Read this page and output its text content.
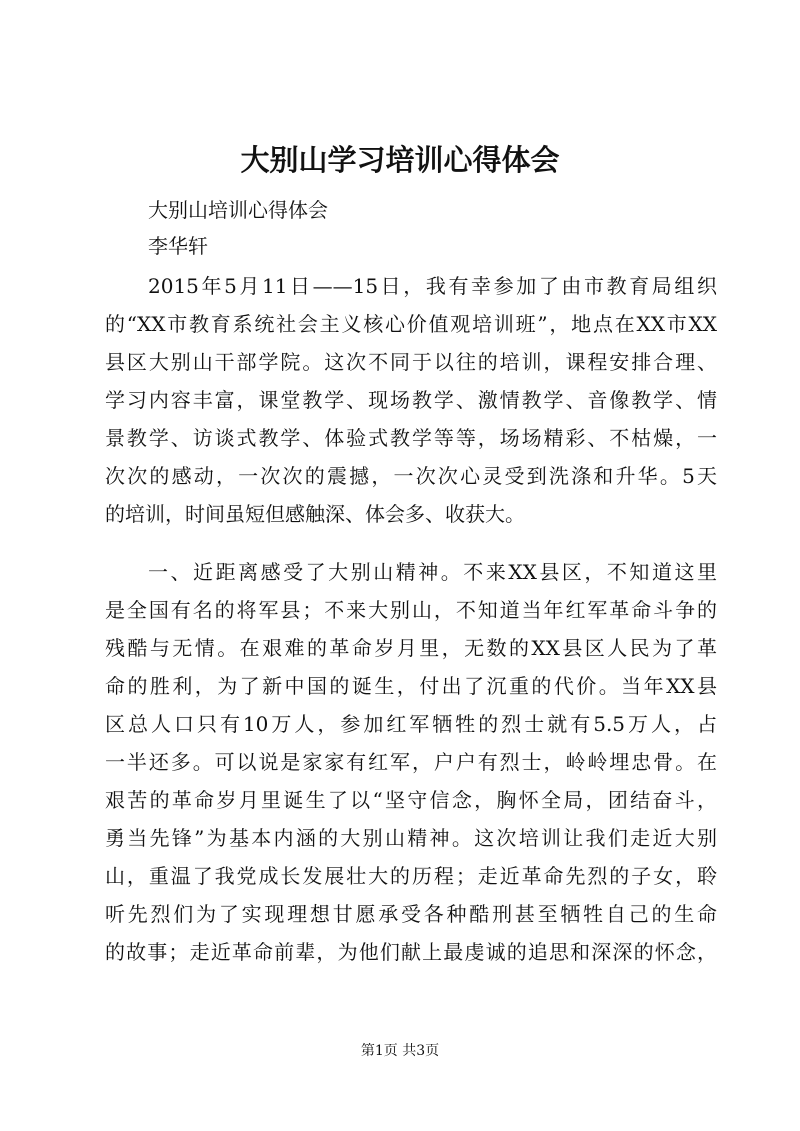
大别山学习培训心得体会
大别山培训心得体会
李华轩
2015年5月11日——15日，我有幸参加了由市教育局组织
的“XX市教育系统社会主义核心价值观培训班”，地点在XX市XX
县区大别山干部学院。这次不同于以往的培训，课程安排合理、
学习内容丰富，课堂教学、现场教学、激情教学、音像教学、情
景教学、访谈式教学、体验式教学等等，场场精彩、不枯燥，一
次次的感动，一次次的震撼，一次次心灵受到洗涤和升华。5天
的培训，时间虽短但感触深、体会多、收获大。
一、近距离感受了大别山精神。不来XX县区，不知道这里
是全国有名的将军县；不来大别山，不知道当年红军革命斗争的
残酷与无情。在艰难的革命岁月里，无数的XX县区人民为了革
命的胜利，为了新中国的诞生，付出了沉重的代价。当年XX县
区总人口只有10万人，参加红军牺牲的烈士就有5.5万人，占
一半还多。可以说是家家有红军，户户有烈士，岭岭埋忠骨。在
艰苦的革命岁月里诞生了以“坚守信念，胸怀全局，团结奋斗，
勇当先锋”为基本内涵的大别山精神。这次培训让我们走近大别
山，重温了我党成长发展壮大的历程；走近革命先烈的子女，聆
听先烈们为了实现理想甘愿承受各种酷刑甚至牺牲自己的生命
的故事；走近革命前辈，为他们献上最虔诚的追思和深深的怀念，
第1页 共3页
